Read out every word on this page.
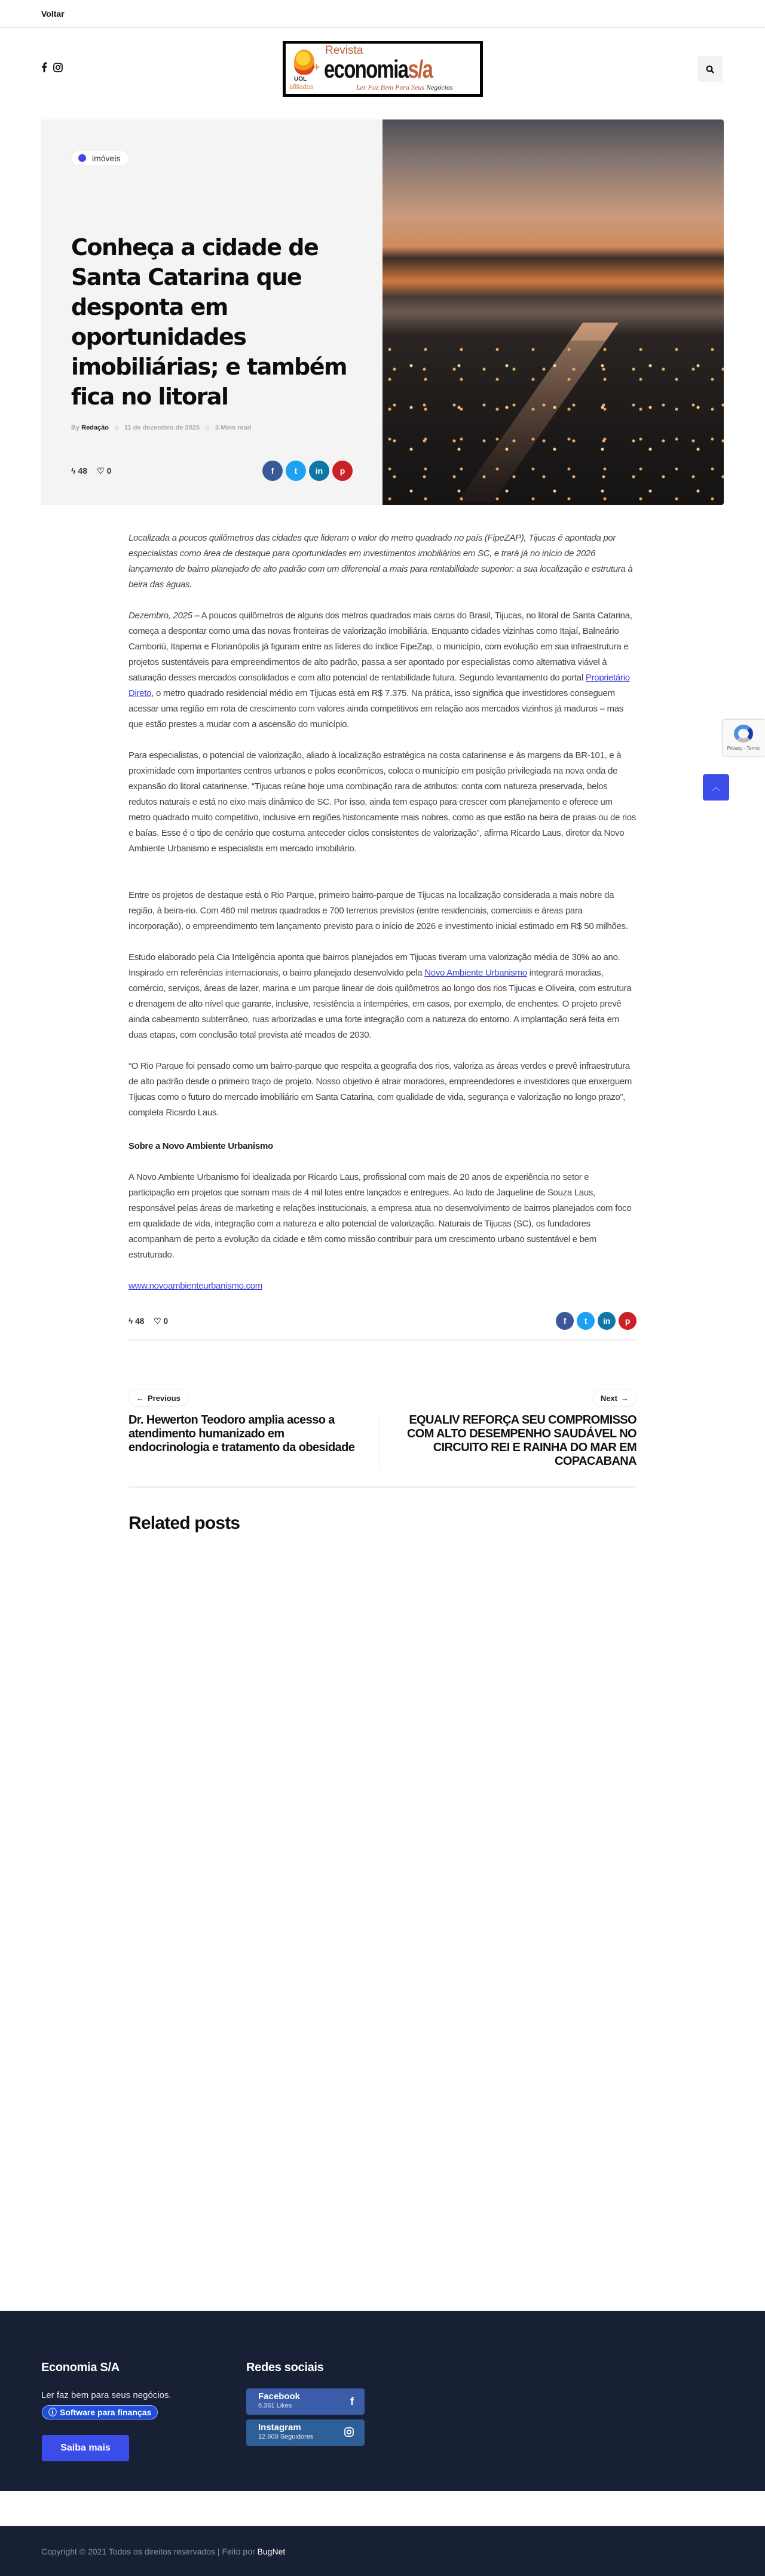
Voltar
UOL
afiliados
+
Revista
economias/a
Ler Faz Bem Para Seus Negócios
imóveis
Conheça a cidade de Santa Catarina que desponta em oportunidades imobiliárias; e também fica no litoral
By Redação 11 de dezembro de 2025 3 Mins read
ϟ 48 ♡ 0	f	t	in	p

Localizada a poucos quilômetros das cidades que lideram o valor do metro quadrado no país (FipeZAP), Tijucas é apontada por especialistas como área de destaque para oportunidades em investimentos imobiliários em SC, e trará já no início de 2026 lançamento de bairro planejado de alto padrão com um diferencial a mais para rentabilidade superior: a sua localização e estrutura à beira das águas.

Dezembro, 2025 – A poucos quilômetros de alguns dos metros quadrados mais caros do Brasil, Tijucas, no litoral de Santa Catarina, começa a despontar como uma das novas fronteiras de valorização imobiliária. Enquanto cidades vizinhas como Itajaí, Balneário Camboriú, Itapema e Florianópolis já figuram entre as líderes do índice FipeZap, o município, com evolução em sua infraestrutura e projetos sustentáveis para empreendimentos de alto padrão, passa a ser apontado por especialistas como alternativa viável à saturação desses mercados consolidados e com alto potencial de rentabilidade futura. Segundo levantamento do portal Proprietário Direto, o metro quadrado residencial médio em Tijucas está em R$ 7.375. Na prática, isso significa que investidores conseguem acessar uma região em rota de crescimento com valores ainda competitivos em relação aos mercados vizinhos já maduros – mas que estão prestes a mudar com a ascensão do município.

Para especialistas, o potencial de valorização, aliado à localização estratégica na costa catarinense e às margens da BR-101, e à proximidade com importantes centros urbanos e polos econômicos, coloca o município em posição privilegiada na nova onda de expansão do litoral catarinense. “Tijucas reúne hoje uma combinação rara de atributos: conta com natureza preservada, belos redutos naturais e está no eixo mais dinâmico de SC. Por isso, ainda tem espaço para crescer com planejamento e oferece um metro quadrado muito competitivo, inclusive em regiões historicamente mais nobres, como as que estão na beira de praias ou de rios e baías. Esse é o tipo de cenário que costuma anteceder ciclos consistentes de valorização”, afirma Ricardo Laus, diretor da Novo Ambiente Urbanismo e especialista em mercado imobiliário.

Entre os projetos de destaque está o Rio Parque, primeiro bairro-parque de Tijucas na localização considerada a mais nobre da região, à beira-rio. Com 460 mil metros quadrados e 700 terrenos previstos (entre residenciais, comerciais e áreas para incorporação), o empreendimento tem lançamento previsto para o início de 2026 e investimento inicial estimado em R$ 50 milhões.

Estudo elaborado pela Cia Inteligência aponta que bairros planejados em Tijucas tiveram uma valorização média de 30% ao ano. Inspirado em referências internacionais, o bairro planejado desenvolvido pela Novo Ambiente Urbanismo integrará moradias, comércio, serviços, áreas de lazer, marina e um parque linear de dois quilômetros ao longo dos rios Tijucas e Oliveira, com estrutura e drenagem de alto nível que garante, inclusive, resistência a intempéries, em casos, por exemplo, de enchentes. O projeto prevê ainda cabeamento subterrâneo, ruas arborizadas e uma forte integração com a natureza do entorno. A implantação será feita em duas etapas, com conclusão total prevista até meados de 2030.

“O Rio Parque foi pensado como um bairro-parque que respeita a geografia dos rios, valoriza as áreas verdes e prevê infraestrutura de alto padrão desde o primeiro traço de projeto. Nosso objetivo é atrair moradores, empreendedores e investidores que enxerguem Tijucas como o futuro do mercado imobiliário em Santa Catarina, com qualidade de vida, segurança e valorização no longo prazo”, completa Ricardo Laus.

Sobre a Novo Ambiente Urbanismo

A Novo Ambiente Urbanismo foi idealizada por Ricardo Laus, profissional com mais de 20 anos de experiência no setor e participação em projetos que somam mais de 4 mil lotes entre lançados e entregues. Ao lado de Jaqueline de Souza Laus, responsável pelas áreas de marketing e relações institucionais, a empresa atua no desenvolvimento de bairros planejados com foco em qualidade de vida, integração com a natureza e alto potencial de valorização. Naturais de Tijucas (SC), os fundadores acompanham de perto a evolução da cidade e têm como missão contribuir para um crescimento urbano sustentável e bem estruturado.

www.novoambienteurbanismo.com

ϟ 48 ♡ 0	f	t	in	p
← Previous	Next →
Dr. Hewerton Teodoro amplia acesso a atendimento humanizado em endocrinologia e tratamento da obesidade
EQUALIV REFORÇA SEU COMPROMISSO COM ALTO DESEMPENHO SAUDÁVEL NO CIRCUITO REI E RAINHA DO MAR EM COPACABANA
Related posts
Privacy - Terms
︿
Economia S/A

Ler faz bem para seus negócios.

ⓘ Software para finanças
Saiba mais
Redes sociais
Facebook
6.361 Likes	f
Instagram
12.600 Seguidores

Copyright © 2021 Todos os direitos reservados | Feito por BugNet
